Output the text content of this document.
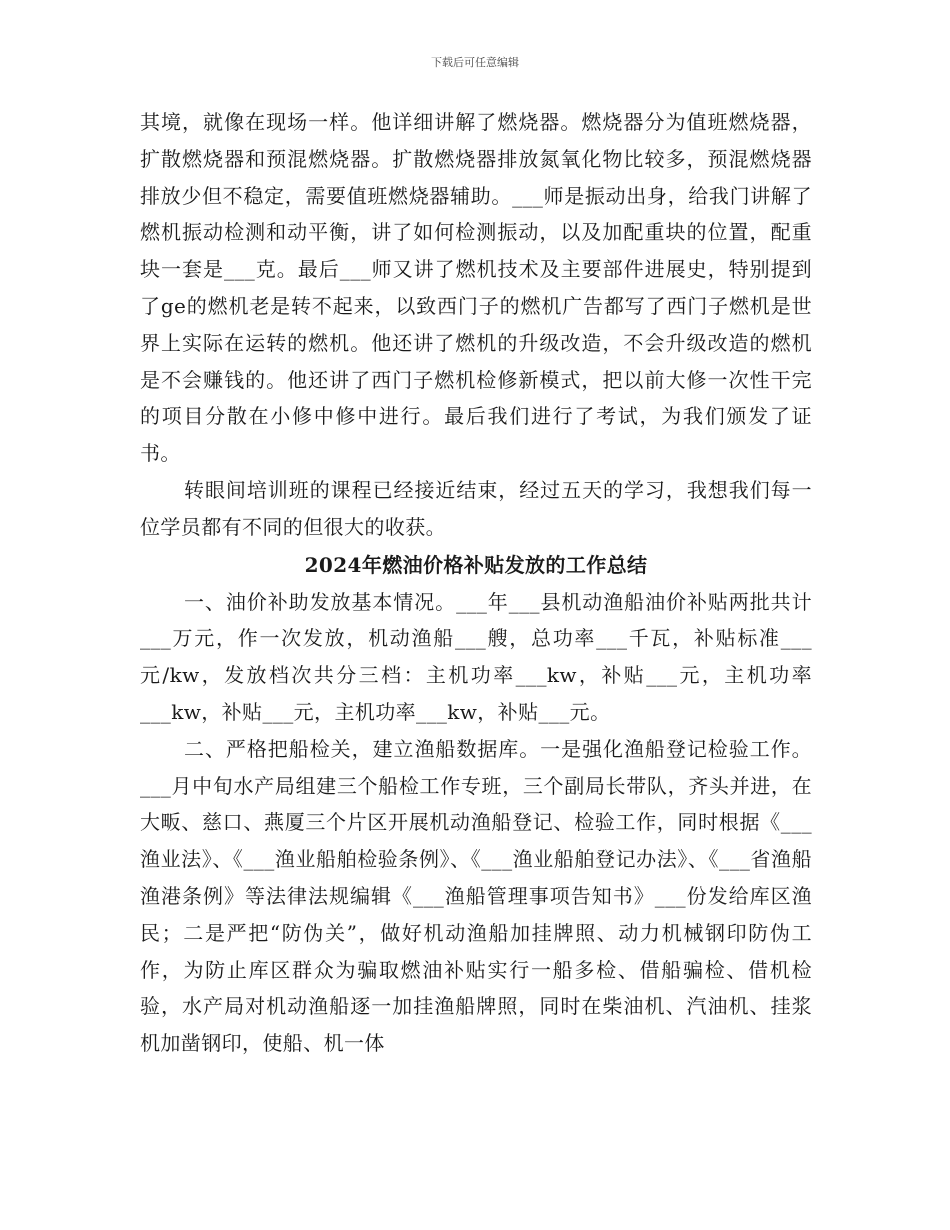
下载后可任意编辑

其境，就像在现场一样。他详细讲解了燃烧器。燃烧器分为值班燃烧器，扩散燃烧器和预混燃烧器。扩散燃烧器排放氮氧化物比较多，预混燃烧器排放少但不稳定，需要值班燃烧器辅助。___师是振动出身，给我门讲解了燃机振动检测和动平衡，讲了如何检测振动，以及加配重块的位置，配重块一套是___克。最后___师又讲了燃机技术及主要部件进展史，特别提到了ge的燃机老是转不起来，以致西门子的燃机广告都写了西门子燃机是世界上实际在运转的燃机。他还讲了燃机的升级改造，不会升级改造的燃机是不会赚钱的。他还讲了西门子燃机检修新模式，把以前大修一次性干完的项目分散在小修中修中进行。最后我们进行了考试，为我们颁发了证书。

转眼间培训班的课程已经接近结束，经过五天的学习，我想我们每一位学员都有不同的但很大的收获。

2024年燃油价格补贴发放的工作总结

一、油价补助发放基本情况。___年___县机动渔船油价补贴两批共计___万元，作一次发放，机动渔船___艘，总功率___千瓦，补贴标准___元/kw，发放档次共分三档：主机功率___kw，补贴___元，主机功率___kw，补贴___元，主机功率___kw，补贴___元。

二、严格把船检关，建立渔船数据库。一是强化渔船登记检验工作。___月中旬水产局组建三个船检工作专班，三个副局长带队，齐头并进，在大畈、慈口、燕厦三个片区开展机动渔船登记、检验工作，同时根据《___渔业法》、《___渔业船舶检验条例》、《___渔业船舶登记办法》、《___省渔船渔港条例》等法律法规编辑《___渔船管理事项告知书》___份发给库区渔民；二是严把“防伪关”，做好机动渔船加挂牌照、动力机械钢印防伪工作，为防止库区群众为骗取燃油补贴实行一船多检、借船骗检、借机检验，水产局对机动渔船逐一加挂渔船牌照，同时在柴油机、汽油机、挂浆机加凿钢印，使船、机一体
